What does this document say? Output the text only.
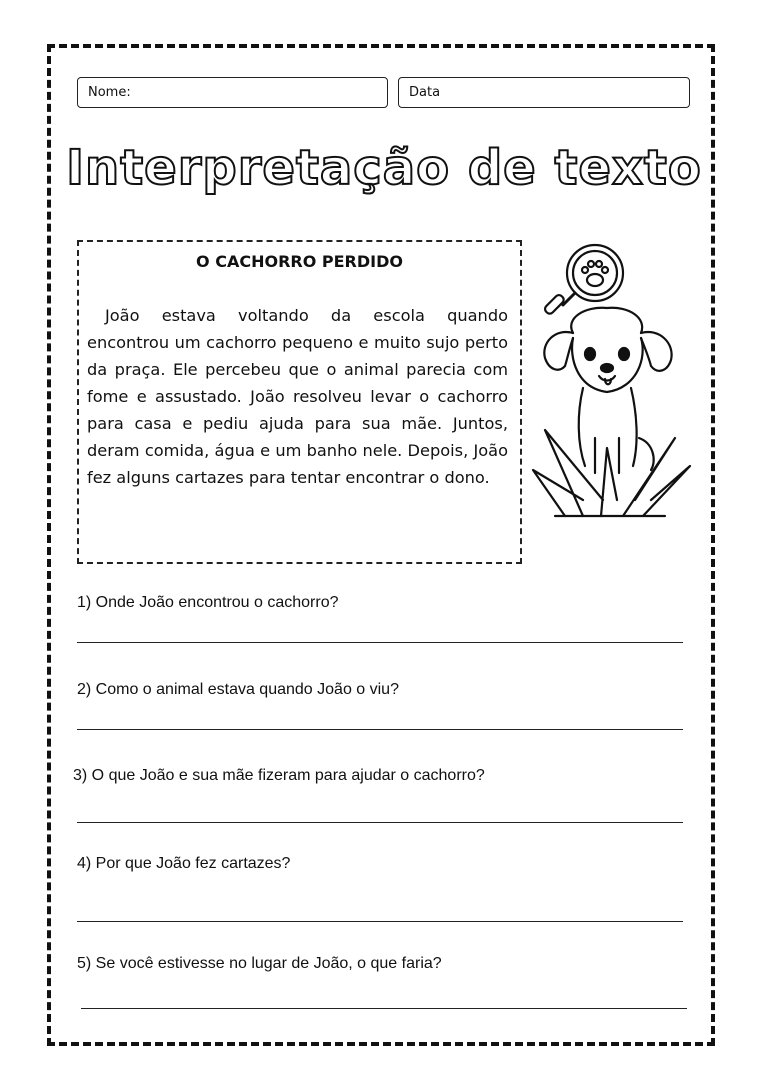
Nome:	Data
Interpretação de texto
O CACHORRO PERDIDO
João estava voltando da escola quando encontrou um cachorro pequeno e muito sujo perto da praça. Ele percebeu que o animal parecia com fome e assustado. João resolveu levar o cachorro para casa e pediu ajuda para sua mãe. Juntos, deram comida, água e um banho nele. Depois, João fez alguns cartazes para tentar encontrar o dono.
1) Onde João encontrou o cachorro?
2) Como o animal estava quando João o viu?
3) O que João e sua mãe fizeram para ajudar o cachorro?
4) Por que João fez cartazes?
5) Se você estivesse no lugar de João, o que faria?
